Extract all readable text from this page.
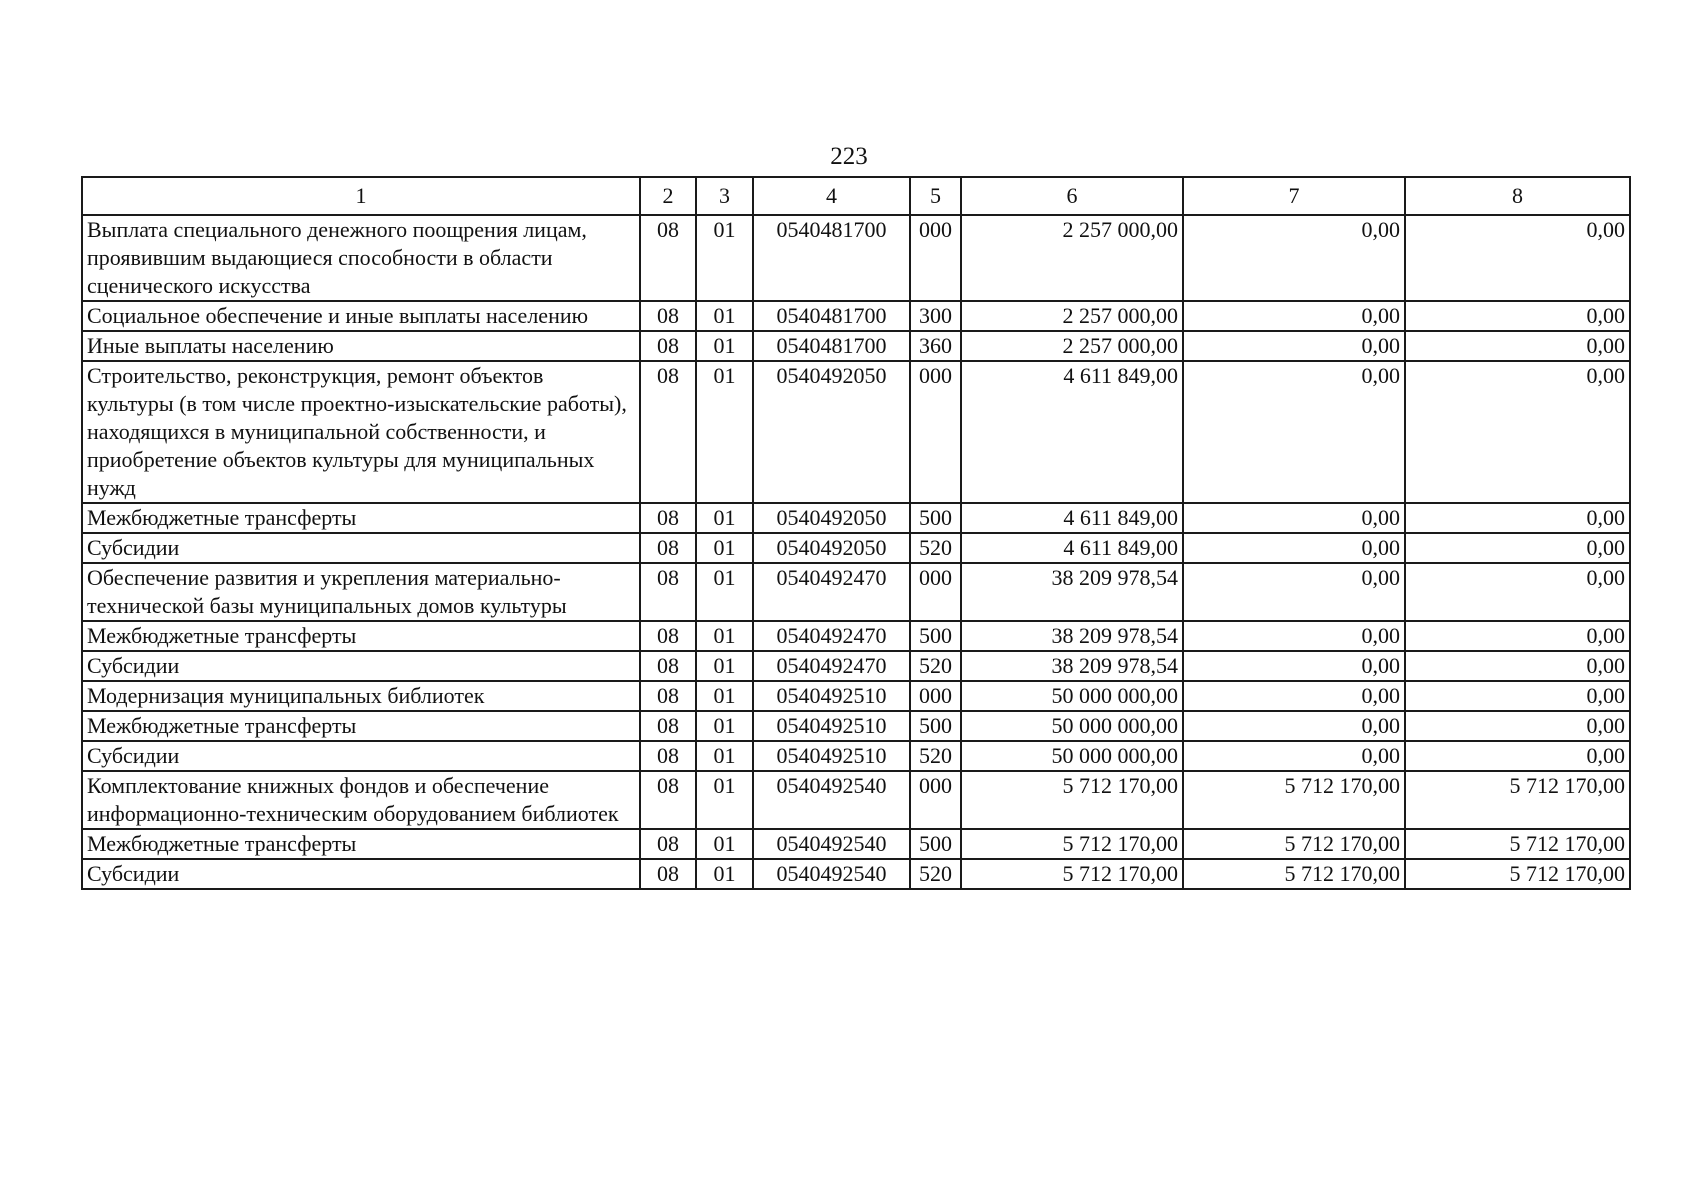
223
1	2	3	4	5	6	7	8
Выплата специального денежного поощрения лицам, проявившим выдающиеся способности в области сценического искусства	08	01	0540481700	000	2 257 000,00	0,00	0,00
Социальное обеспечение и иные выплаты населению	08	01	0540481700	300	2 257 000,00	0,00	0,00
Иные выплаты населению	08	01	0540481700	360	2 257 000,00	0,00	0,00
Строительство, реконструкция, ремонт объектов культуры (в том числе проектно-изыскательские работы), находящихся в муниципальной собственности, и приобретение объектов культуры для муниципальных нужд	08	01	0540492050	000	4 611 849,00	0,00	0,00
Межбюджетные трансферты	08	01	0540492050	500	4 611 849,00	0,00	0,00
Субсидии	08	01	0540492050	520	4 611 849,00	0,00	0,00
Обеспечение развития и укрепления материально-технической базы муниципальных домов культуры	08	01	0540492470	000	38 209 978,54	0,00	0,00
Межбюджетные трансферты	08	01	0540492470	500	38 209 978,54	0,00	0,00
Субсидии	08	01	0540492470	520	38 209 978,54	0,00	0,00
Модернизация муниципальных библиотек	08	01	0540492510	000	50 000 000,00	0,00	0,00
Межбюджетные трансферты	08	01	0540492510	500	50 000 000,00	0,00	0,00
Субсидии	08	01	0540492510	520	50 000 000,00	0,00	0,00
Комплектование книжных фондов и обеспечение информационно-техническим оборудованием библиотек	08	01	0540492540	000	5 712 170,00	5 712 170,00	5 712 170,00
Межбюджетные трансферты	08	01	0540492540	500	5 712 170,00	5 712 170,00	5 712 170,00
Субсидии	08	01	0540492540	520	5 712 170,00	5 712 170,00	5 712 170,00
